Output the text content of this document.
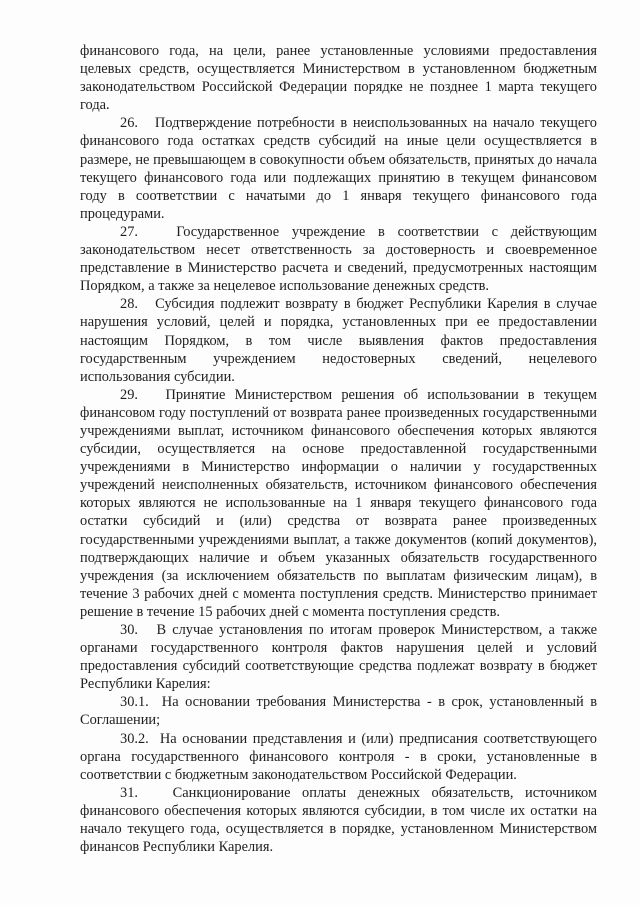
финансового года, на цели, ранее установленные условиями предоставления целевых средств, осуществляется Министерством в установленном бюджетным законодательством Российской Федерации порядке не позднее 1 марта текущего года.

26.   Подтверждение потребности в неиспользованных на начало текущего финансового года остатках средств субсидий на иные цели осуществляется в размере, не превышающем в совокупности объем обязательств, принятых до начала текущего финансового года или подлежащих принятию в текущем финансовом году в соответствии с начатыми до 1 января текущего финансового года процедурами.

27.   Государственное учреждение в соответствии с действующим законодательством несет ответственность за достоверность и своевременное представление в Министерство расчета и сведений, предусмотренных настоящим Порядком, а также за нецелевое использование денежных средств.

28.   Субсидия подлежит возврату в бюджет Республики Карелия в случае нарушения условий, целей и порядка, установленных при ее предоставлении настоящим Порядком, в том числе выявления фактов предоставления государственным учреждением недостоверных сведений, нецелевого использования субсидии.

29.   Принятие Министерством решения об использовании в текущем финансовом году поступлений от возврата ранее произведенных государственными учреждениями выплат, источником финансового обеспечения которых являются субсидии, осуществляется на основе предоставленной государственными учреждениями в Министерство информации о наличии у государственных учреждений неисполненных обязательств, источником финансового обеспечения которых являются не использованные на 1 января текущего финансового года остатки субсидий и (или) средства от возврата ранее произведенных государственными учреждениями выплат, а также документов (копий документов), подтверждающих наличие и объем указанных обязательств государственного учреждения (за исключением обязательств по выплатам физическим лицам), в течение 3 рабочих дней с момента поступления средств. Министерство принимает решение в течение 15 рабочих дней с момента поступления средств.

30.   В случае установления по итогам проверок Министерством, а также органами государственного контроля фактов нарушения целей и условий предоставления субсидий соответствующие средства подлежат возврату в бюджет Республики Карелия:

30.1.  На основании требования Министерства - в срок, установленный в Соглашении;

30.2.  На основании представления и (или) предписания соответствующего органа государственного финансового контроля - в сроки, установленные в соответствии с бюджетным законодательством Российской Федерации.

31.   Санкционирование оплаты денежных обязательств, источником финансового обеспечения которых являются субсидии, в том числе их остатки на начало текущего года, осуществляется в порядке, установленном Министерством финансов Республики Карелия.
